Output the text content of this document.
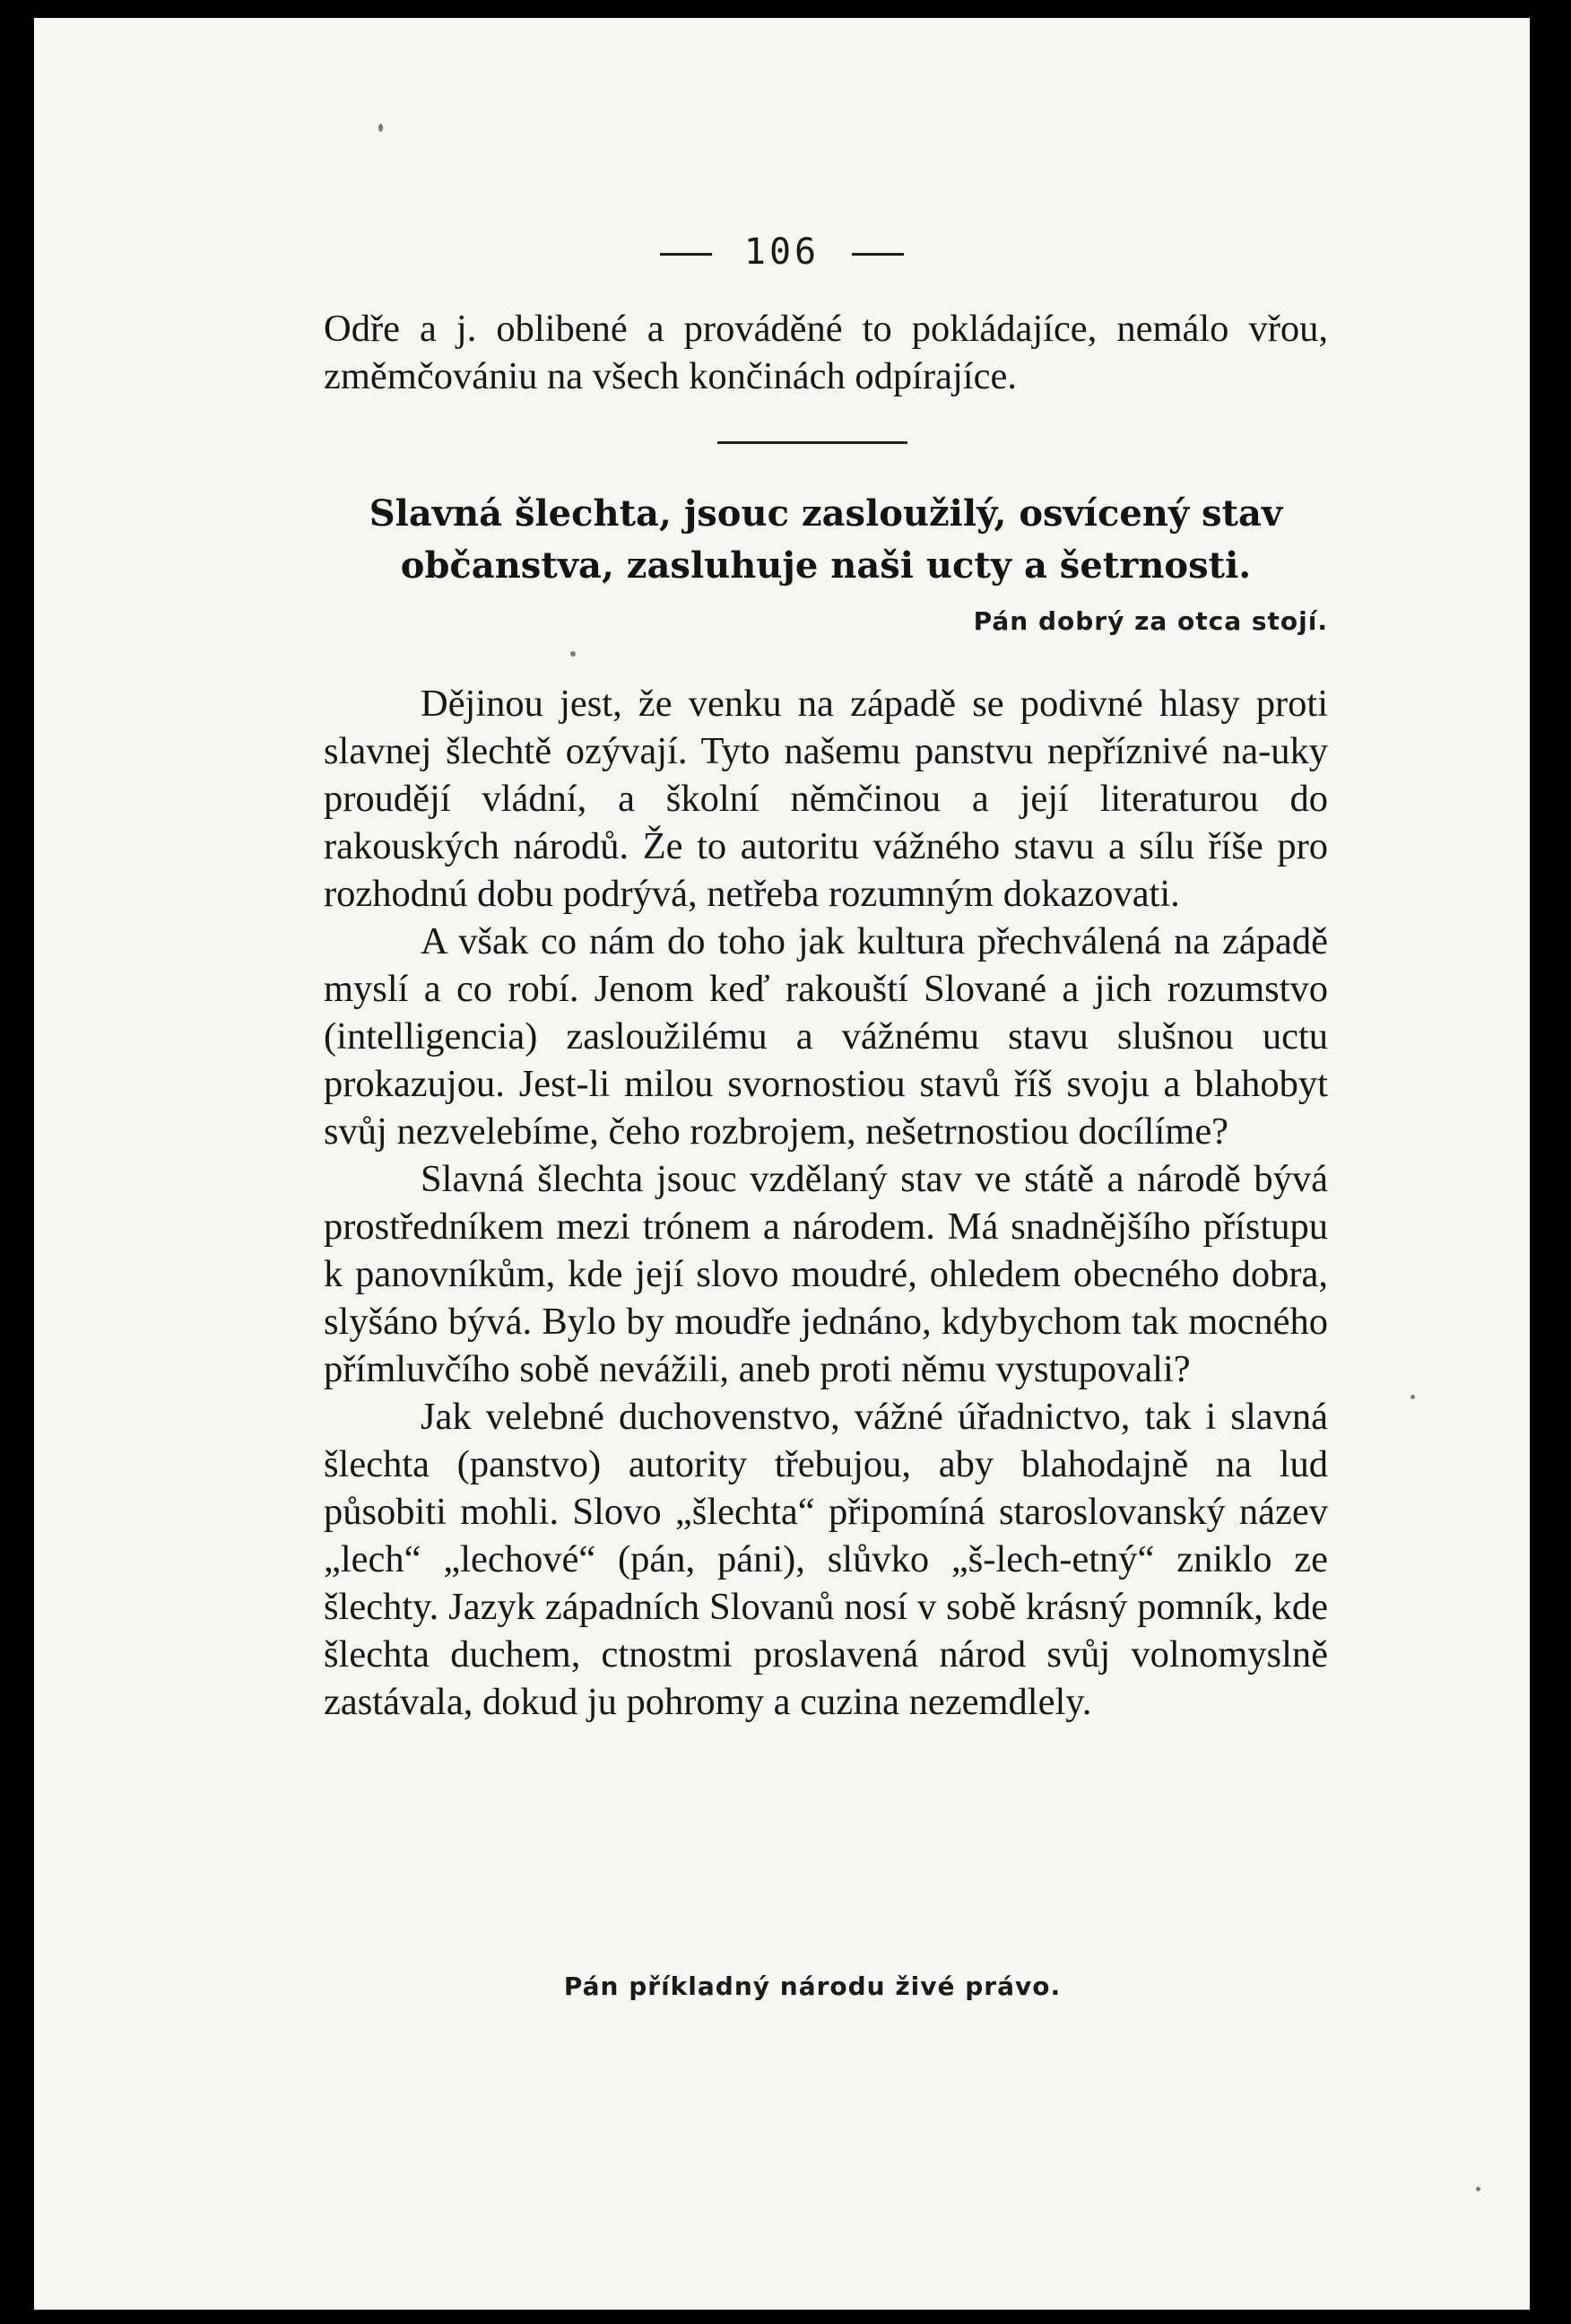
106
Odře a j. oblibené a prováděné to pokládajíce, nemálo vřou, změmčovániu na všech končinách odpírajíce.
Slavná šlechta, jsouc zasloužilý, osvícený stav
občanstva, zasluhuje naši ucty a šetrnosti.
Pán dobrý za otca stojí.

Dějinou jest, že venku na západě se podivné hlasy proti slavnej šlechtě ozývají. Tyto našemu panstvu nepříznivé na-uky proudějí vládní, a školní němčinou a její literaturou do rakouských národů. Že to autoritu vážného stavu a sílu říše pro rozhodnú dobu podrývá, netřeba rozumným dokazovati.

A však co nám do toho jak kultura přechválená na západě myslí a co robí. Jenom keď rakouští Slované a jich rozumstvo (intelligencia) zasloužilému a vážnému stavu slušnou uctu prokazujou. Jest-li milou svornostiou stavů říš svoju a blahobyt svůj nezvelebíme, čeho rozbrojem, nešetrnostiou docílíme?

Slavná šlechta jsouc vzdělaný stav ve státě a národě bývá prostředníkem mezi trónem a národem. Má snadnějšího přístupu k panovníkům, kde její slovo moudré, ohledem obecného dobra, slyšáno bývá. Bylo by moudře jednáno, kdybychom tak mocného přímluvčího sobě nevážili, aneb proti němu vystupovali?

Jak velebné duchovenstvo, vážné úřadnictvo, tak i slavná šlechta (panstvo) autority třebujou, aby blahodajně na lud působiti mohli. Slovo „šlechta“ připomíná staroslovanský název „lech“ „lechové“ (pán, páni), slůvko „š-lech-etný“ zniklo ze šlechty. Jazyk západních Slovanů nosí v sobě krásný pomník, kde šlechta duchem, ctnostmi proslavená národ svůj volnomyslně zastávala, dokud ju pohromy a cuzina nezemdlely.

Pán příkladný národu živé právo.
